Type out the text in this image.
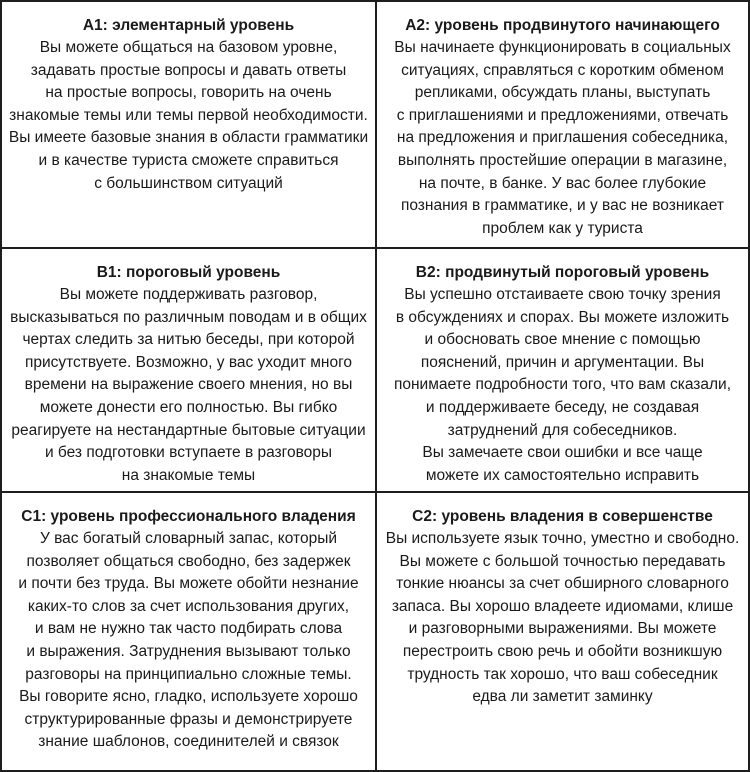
A1: элементарный уровень

Вы можете общаться на базовом уровне,

задавать простые вопросы и давать ответы

на простые вопросы, говорить на очень

знакомые темы или темы первой необходимости.

Вы имеете базовые знания в области грамматики

и в качестве туриста сможете справиться

с большинством ситуаций

А2: уровень продвинутого начинающего

Вы начинаете функционировать в социальных

ситуациях, справляться с коротким обменом

репликами, обсуждать планы, выступать

с приглашениями и предложениями, отвечать

на предложения и приглашения собеседника,

выполнять простейшие операции в магазине,

на почте, в банке. У вас более глубокие

познания в грамматике, и у вас не возникает

проблем как у туриста

В1: пороговый уровень

Вы можете поддерживать разговор,

высказываться по различным поводам и в общих

чертах следить за нитью беседы, при которой

присутствуете. Возможно, у вас уходит много

времени на выражение своего мнения, но вы

можете донести его полностью. Вы гибко

реагируете на нестандартные бытовые ситуации

и без подготовки вступаете в разговоры

на знакомые темы

В2: продвинутый пороговый уровень

Вы успешно отстаиваете свою точку зрения

в обсуждениях и спорах. Вы можете изложить

и обосновать свое мнение с помощью

пояснений, причин и аргументации. Вы

понимаете подробности того, что вам сказали,

и поддерживаете беседу, не создавая

затруднений для собеседников.

Вы замечаете свои ошибки и все чаще

можете их самостоятельно исправить

С1: уровень профессионального владения

У вас богатый словарный запас, который

позволяет общаться свободно, без задержек

и почти без труда. Вы можете обойти незнание

каких-то слов за счет использования других,

и вам не нужно так часто подбирать слова

и выражения. Затруднения вызывают только

разговоры на принципиально сложные темы.

Вы говорите ясно, гладко, используете хорошо

структурированные фразы и демонстрируете

знание шаблонов, соединителей и связок

С2: уровень владения в совершенстве

Вы используете язык точно, уместно и свободно.

Вы можете с большой точностью передавать

тонкие нюансы за счет обширного словарного

запаса. Вы хорошо владеете идиомами, клише

и разговорными выражениями. Вы можете

перестроить свою речь и обойти возникшую

трудность так хорошо, что ваш собеседник

едва ли заметит заминку
